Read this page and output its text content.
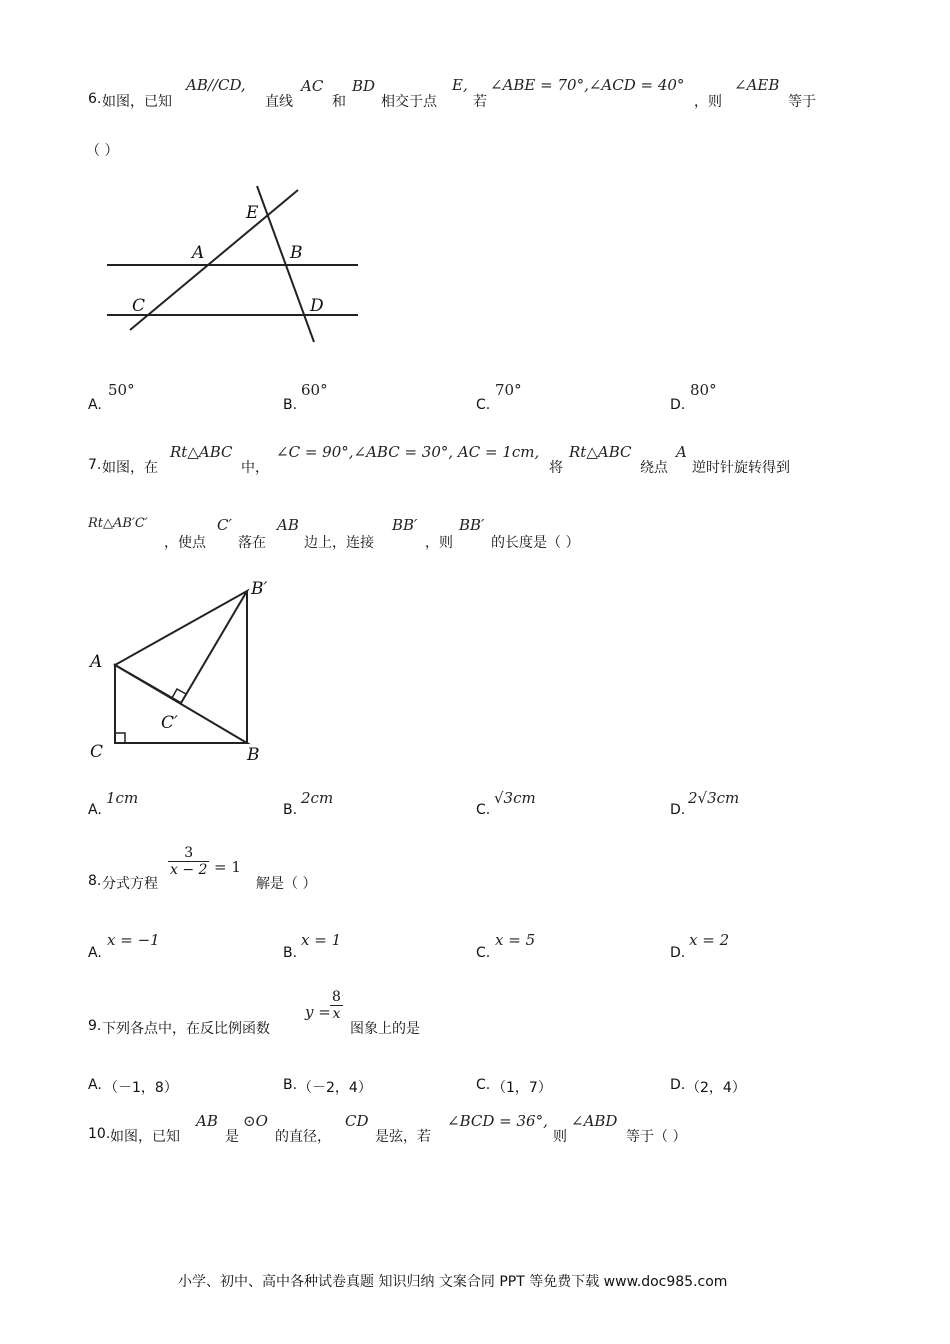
6. 如图，已知
AB//CD,
直线
AC
和
BD
相交于点
E,
若
∠ABE = 70°,∠ACD = 40°
，则
∠AEB
等于
（ ）
E
A	B
C	D
A.
50°
B.
60°
C.
70°
D.
80°
7. 如图，在
Rt△ABC
中，
∠C = 90°,∠ABC = 30°, AC = 1cm,
将
Rt△ABC
绕点
A
逆时针旋转得到
Rt△AB′C′
，使点
C′
落在
AB
边上，连接
BB′
，则
BB′
的长度是（ ）
B′
A
C′
C	B
A.
1cm
B.
2cm
C.
√3cm
D.
2√3cm
8. 分式方程
$\frac{3}{x - 2} = 1$
解是（ ）
A.
x = −1
B.
x = 1
C.
x = 5
D.
x = 2
9. 下列各点中，在反比例函数
$y = \frac{8}{x}$
图象上的是
A. （－1，8）	B. （－2，4）	C. （1，7）	D. （2，4）
10. 如图，已知
AB
是
⊙O
的直径，
CD
是弦，若
∠BCD = 36°,
则
∠ABD
等于（ ）
小学、初中、高中各种试卷真题 知识归纳 文案合同 PPT 等免费下载 www.doc985.com
